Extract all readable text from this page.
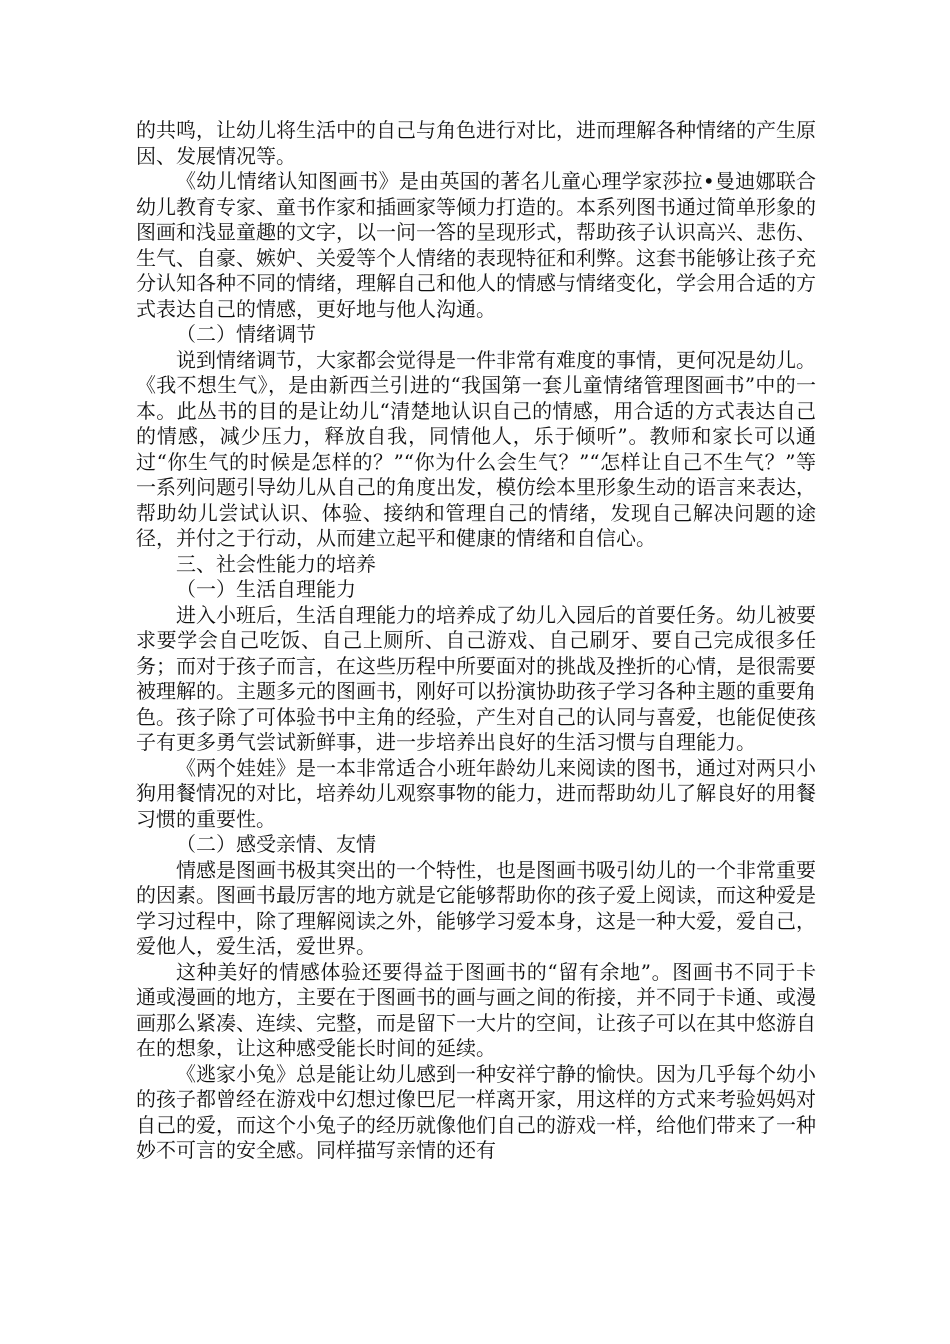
的共鸣，让幼儿将生活中的自己与角色进行对比，进而理解各种情绪的产生原因、发展情况等。

《幼儿情绪认知图画书》是由英国的著名儿童心理学家莎拉•曼迪娜联合幼儿教育专家、童书作家和插画家等倾力打造的。本系列图书通过简单形象的图画和浅显童趣的文字，以一问一答的呈现形式，帮助孩子认识高兴、悲伤、生气、自豪、嫉妒、关爱等个人情绪的表现特征和利弊。这套书能够让孩子充分认知各种不同的情绪，理解自己和他人的情感与情绪变化，学会用合适的方式表达自己的情感，更好地与他人沟通。

（二）情绪调节

说到情绪调节，大家都会觉得是一件非常有难度的事情，更何况是幼儿。《我不想生气》，是由新西兰引进的“我国第一套儿童情绪管理图画书”中的一本。此丛书的目的是让幼儿“清楚地认识自己的情感，用合适的方式表达自己的情感，减少压力，释放自我，同情他人，乐于倾听”。教师和家长可以通过“你生气的时候是怎样的？”“你为什么会生气？”“怎样让自己不生气？”等一系列问题引导幼儿从自己的角度出发，模仿绘本里形象生动的语言来表达，帮助幼儿尝试认识、体验、接纳和管理自己的情绪，发现自己解决问题的途径，并付之于行动，从而建立起平和健康的情绪和自信心。

三、社会性能力的培养

（一）生活自理能力

进入小班后，生活自理能力的培养成了幼儿入园后的首要任务。幼儿被要求要学会自己吃饭、自己上厕所、自己游戏、自己刷牙、要自己完成很多任务；而对于孩子而言，在这些历程中所要面对的挑战及挫折的心情，是很需要被理解的。主题多元的图画书，刚好可以扮演协助孩子学习各种主题的重要角色。孩子除了可体验书中主角的经验，产生对自己的认同与喜爱，也能促使孩子有更多勇气尝试新鲜事，进一步培养出良好的生活习惯与自理能力。

《两个娃娃》是一本非常适合小班年龄幼儿来阅读的图书，通过对两只小狗用餐情况的对比，培养幼儿观察事物的能力，进而帮助幼儿了解良好的用餐习惯的重要性。

（二）感受亲情、友情

情感是图画书极其突出的一个特性，也是图画书吸引幼儿的一个非常重要的因素。图画书最厉害的地方就是它能够帮助你的孩子爱上阅读，而这种爱是学习过程中，除了理解阅读之外，能够学习爱本身，这是一种大爱，爱自己，爱他人，爱生活，爱世界。

这种美好的情感体验还要得益于图画书的“留有余地”。图画书不同于卡通或漫画的地方，主要在于图画书的画与画之间的衔接，并不同于卡通、或漫画那么紧凑、连续、完整，而是留下一大片的空间，让孩子可以在其中悠游自在的想象，让这种感受能长时间的延续。

《逃家小兔》总是能让幼儿感到一种安祥宁静的愉快。因为几乎每个幼小的孩子都曾经在游戏中幻想过像巴尼一样离开家，用这样的方式来考验妈妈对自己的爱，而这个小兔子的经历就像他们自己的游戏一样，给他们带来了一种妙不可言的安全感。同样描写亲情的还有
